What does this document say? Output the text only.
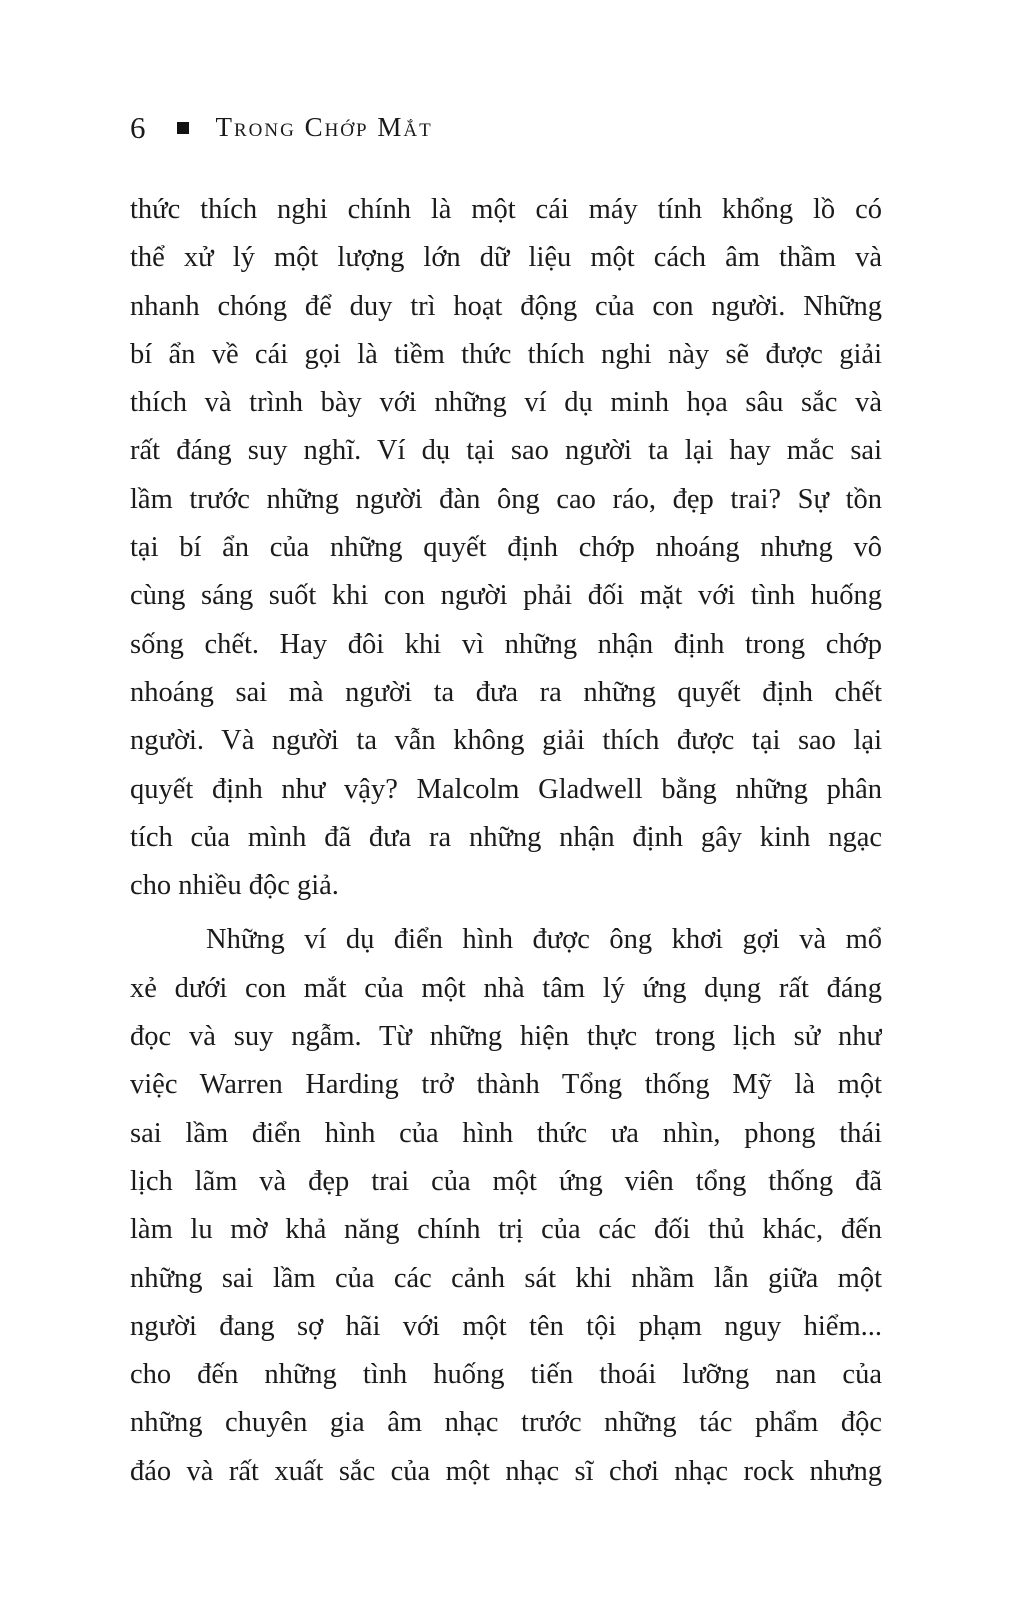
6	Trong Chớp Mắt

thức thích nghi chính là một cái máy tính khổng lồ có
thể xử lý một lượng lớn dữ liệu một cách âm thầm và
nhanh chóng để duy trì hoạt động của con người. Những
bí ẩn về cái gọi là tiềm thức thích nghi này sẽ được giải
thích và trình bày với những ví dụ minh họa sâu sắc và
rất đáng suy nghĩ. Ví dụ tại sao người ta lại hay mắc sai
lầm trước những người đàn ông cao ráo, đẹp trai? Sự tồn
tại bí ẩn của những quyết định chớp nhoáng nhưng vô
cùng sáng suốt khi con người phải đối mặt với tình huống
sống chết. Hay đôi khi vì những nhận định trong chớp
nhoáng sai mà người ta đưa ra những quyết định chết
người. Và người ta vẫn không giải thích được tại sao lại
quyết định như vậy? Malcolm Gladwell bằng những phân
tích của mình đã đưa ra những nhận định gây kinh ngạc
cho nhiều độc giả.

Những ví dụ điển hình được ông khơi gợi và mổ
xẻ dưới con mắt của một nhà tâm lý ứng dụng rất đáng
đọc và suy ngẫm. Từ những hiện thực trong lịch sử như
việc Warren Harding trở thành Tổng thống Mỹ là một
sai lầm điển hình của hình thức ưa nhìn, phong thái
lịch lãm và đẹp trai của một ứng viên tổng thống đã
làm lu mờ khả năng chính trị của các đối thủ khác, đến
những sai lầm của các cảnh sát khi nhầm lẫn giữa một
người đang sợ hãi với một tên tội phạm nguy hiểm...
cho đến những tình huống tiến thoái lưỡng nan của
những chuyên gia âm nhạc trước những tác phẩm độc
đáo và rất xuất sắc của một nhạc sĩ chơi nhạc rock nhưng
